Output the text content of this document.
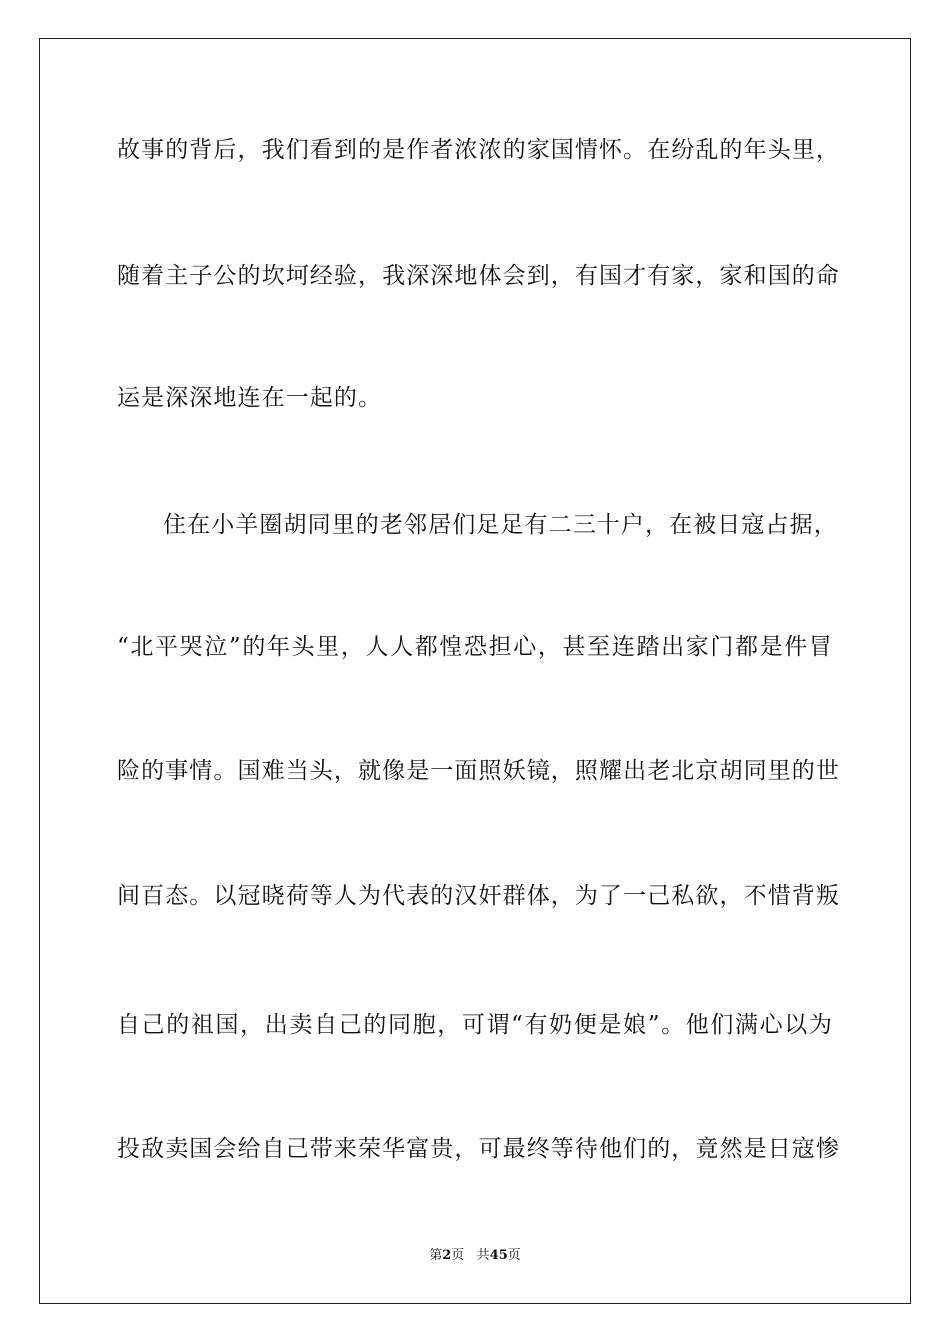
故事的背后，我们看到的是作者浓浓的家国情怀。在纷乱的年头里，
随着主子公的坎坷经验，我深深地体会到，有国才有家，家和国的命
运是深深地连在一起的。
住在小羊圈胡同里的老邻居们足足有二三十户，在被日寇占据，
“北平哭泣”的年头里，人人都惶恐担心，甚至连踏出家门都是件冒
险的事情。国难当头，就像是一面照妖镜，照耀出老北京胡同里的世
间百态。以冠晓荷等人为代表的汉奸群体，为了一己私欲，不惜背叛
自己的祖国，出卖自己的同胞，可谓“有奶便是娘”。他们满心以为
投敌卖国会给自己带来荣华富贵，可最终等待他们的，竟然是日寇惨
第2页 共45页
